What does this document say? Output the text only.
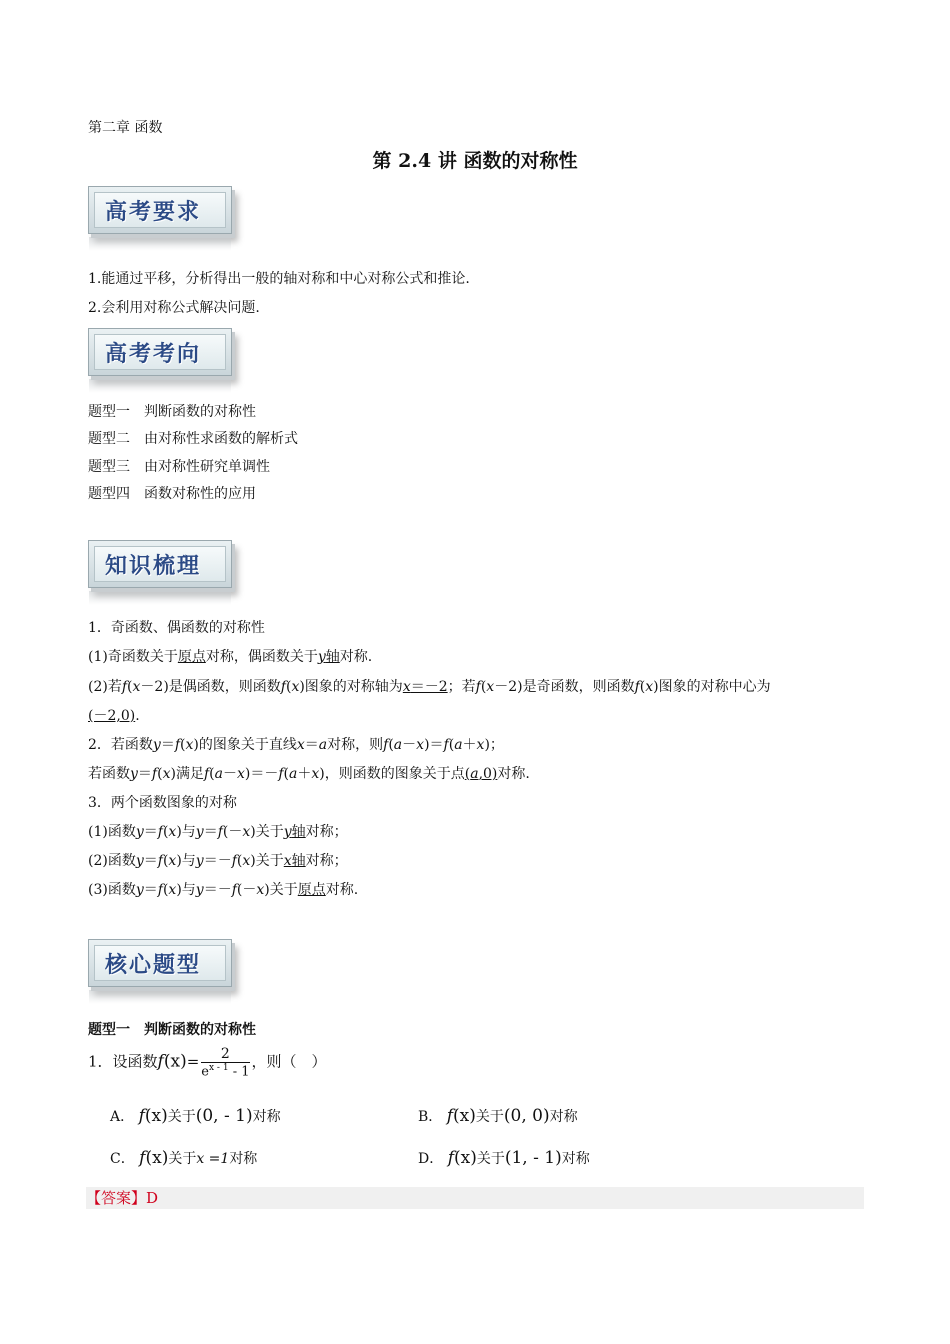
第二章 函数
第 2.4 讲 函数的对称性
高考要求
1.能通过平移，分析得出一般的轴对称和中心对称公式和推论.
2.会利用对称公式解决问题.
高考考向
题型一　判断函数的对称性
题型二　由对称性求函数的解析式
题型三　由对称性研究单调性
题型四　函数对称性的应用
知识梳理
1．奇函数、偶函数的对称性
(1)奇函数关于原点对称，偶函数关于y轴对称.
(2)若f(x－2)是偶函数，则函数f(x)图象的对称轴为x＝－2；若f(x－2)是奇函数，则函数f(x)图象的对称中心为
(－2,0).
2．若函数y＝f(x)的图象关于直线x＝a对称，则f(a－x)＝f(a＋x)；
若函数y＝f(x)满足f(a－x)＝－f(a＋x)，则函数的图象关于点(a,0)对称.
3．两个函数图象的对称
(1)函数y＝f(x)与y＝f(－x)关于y轴对称；
(2)函数y＝f(x)与y＝－f(x)关于x轴对称；
(3)函数y＝f(x)与y＝－f(－x)关于原点对称.
核心题型
题型一　判断函数的对称性
1．设函数$f(x)= \frac{2}{e^{x - 1} - 1}$ ，则（　）
A． f(x)关于(0, - 1)对称	B． f(x)关于(0, 0)对称
C． f(x)关于x =1对称	D． f(x)关于(1, - 1)对称
【答案】D
